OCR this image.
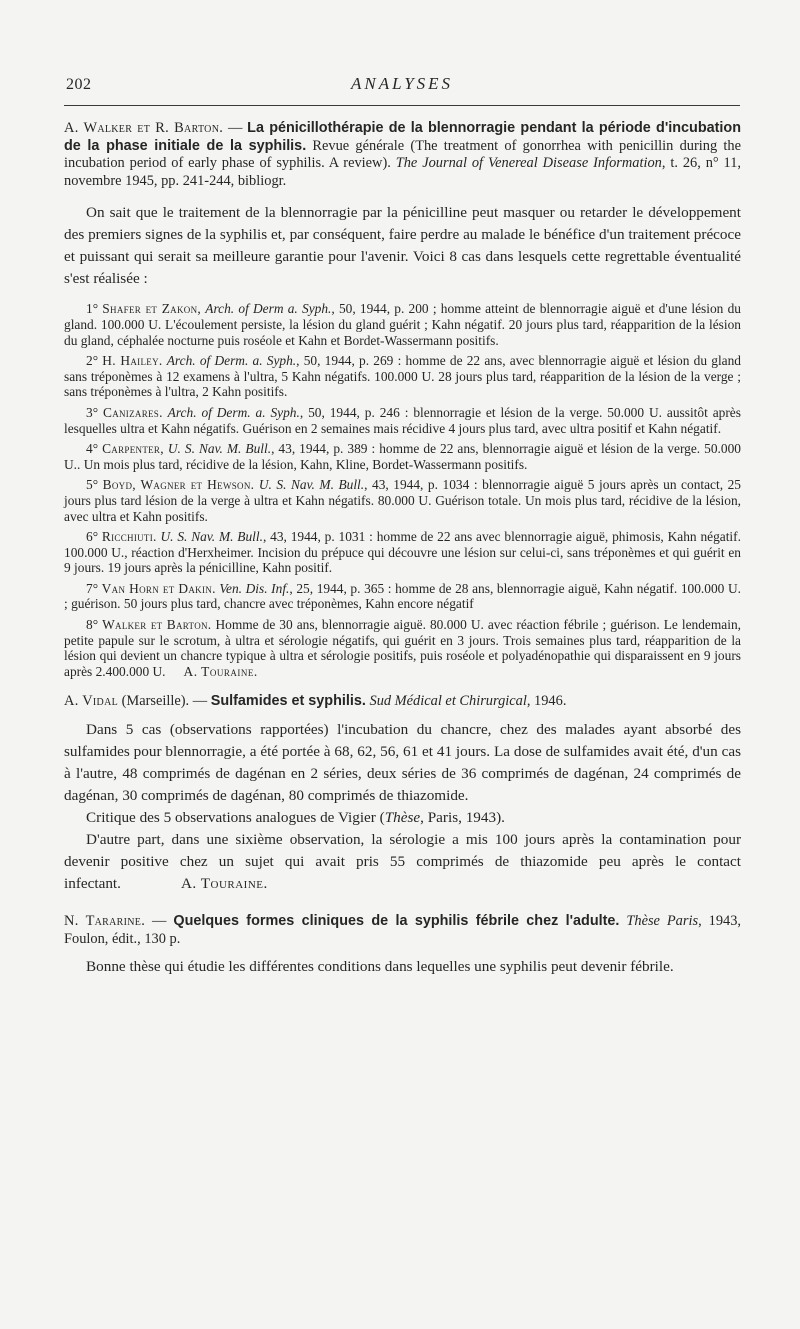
202	ANALYSES

A. Walker et R. Barton. — La pénicillothérapie de la blennorragie pendant la période d'incubation de la phase initiale de la syphilis. Revue générale (The treatment of gonorrhea with penicillin during the incubation period of early phase of syphilis. A review). The Journal of Venereal Disease Information, t. 26, n° 11, novembre 1945, pp. 241-244, bibliogr.

On sait que le traitement de la blennorragie par la pénicilline peut masquer ou retarder le développement des premiers signes de la syphilis et, par conséquent, faire perdre au malade le bénéfice d'un traitement précoce et puissant qui serait sa meilleure garantie pour l'avenir. Voici 8 cas dans lesquels cette regrettable éventualité s'est réalisée :

1° Shafer et Zakon, Arch. of Derm a. Syph., 50, 1944, p. 200 ; homme atteint de blennorragie aiguë et d'une lésion du gland. 100.000 U. L'écoulement persiste, la lésion du gland guérit ; Kahn négatif. 20 jours plus tard, réapparition de la lésion du gland, céphalée nocturne puis roséole et Kahn et Bordet-Wassermann positifs.

2° H. Hailey. Arch. of Derm. a. Syph., 50, 1944, p. 269 : homme de 22 ans, avec blennorragie aiguë et lésion du gland sans tréponèmes à 12 examens à l'ultra, 5 Kahn négatifs. 100.000 U. 28 jours plus tard, réapparition de la lésion de la verge ; sans tréponèmes à l'ultra, 2 Kahn positifs.

3° Canizares. Arch. of Derm. a. Syph., 50, 1944, p. 246 : blennorragie et lésion de la verge. 50.000 U. aussitôt après lesquelles ultra et Kahn négatifs. Guérison en 2 semaines mais récidive 4 jours plus tard, avec ultra positif et Kahn négatif.

4° Carpenter, U. S. Nav. M. Bull., 43, 1944, p. 389 : homme de 22 ans, blennorragie aiguë et lésion de la verge. 50.000 U.. Un mois plus tard, récidive de la lésion, Kahn, Kline, Bordet-Wassermann positifs.

5° Boyd, Wagner et Hewson. U. S. Nav. M. Bull., 43, 1944, p. 1034 : blennorragie aiguë 5 jours après un contact, 25 jours plus tard lésion de la verge à ultra et Kahn négatifs. 80.000 U. Guérison totale. Un mois plus tard, récidive de la lésion, avec ultra et Kahn positifs.

6° Ricchiuti. U. S. Nav. M. Bull., 43, 1944, p. 1031 : homme de 22 ans avec blennorragie aiguë, phimosis, Kahn négatif. 100.000 U., réaction d'Herxheimer. Incision du prépuce qui découvre une lésion sur celui-ci, sans tréponèmes et qui guérit en 9 jours. 19 jours après la pénicilline, Kahn positif.

7° Van Horn et Dakin. Ven. Dis. Inf., 25, 1944, p. 365 : homme de 28 ans, blennorragie aiguë, Kahn négatif. 100.000 U. ; guérison. 50 jours plus tard, chancre avec tréponèmes, Kahn encore négatif

8° Walker et Barton. Homme de 30 ans, blennorragie aiguë. 80.000 U. avec réaction fébrile ; guérison. Le lendemain, petite papule sur le scrotum, à ultra et sérologie négatifs, qui guérit en 3 jours. Trois semaines plus tard, réapparition de la lésion qui devient un chancre typique à ultra et sérologie positifs, puis roséole et polyadénopathie qui disparaissent en 9 jours après 2.400.000 U. A. Touraine.

A. Vidal (Marseille). — Sulfamides et syphilis. Sud Médical et Chirurgical, 1946.

Dans 5 cas (observations rapportées) l'incubation du chancre, chez des malades ayant absorbé des sulfamides pour blennorragie, a été portée à 68, 62, 56, 61 et 41 jours. La dose de sulfamides avait été, d'un cas à l'autre, 48 comprimés de dagénan en 2 séries, deux séries de 36 comprimés de dagénan, 24 comprimés de dagénan, 30 comprimés de dagénan, 80 comprimés de thiazomide.

Critique des 5 observations analogues de Vigier (Thèse, Paris, 1943).

D'autre part, dans une sixième observation, la sérologie a mis 100 jours après la contamination pour devenir positive chez un sujet qui avait pris 55 comprimés de thiazomide peu après le contact infectant.	A. Touraine.

N. Tararine. — Quelques formes cliniques de la syphilis fébrile chez l'adulte. Thèse Paris, 1943, Foulon, édit., 130 p.

Bonne thèse qui étudie les différentes conditions dans lequelles une syphilis peut devenir fébrile.
